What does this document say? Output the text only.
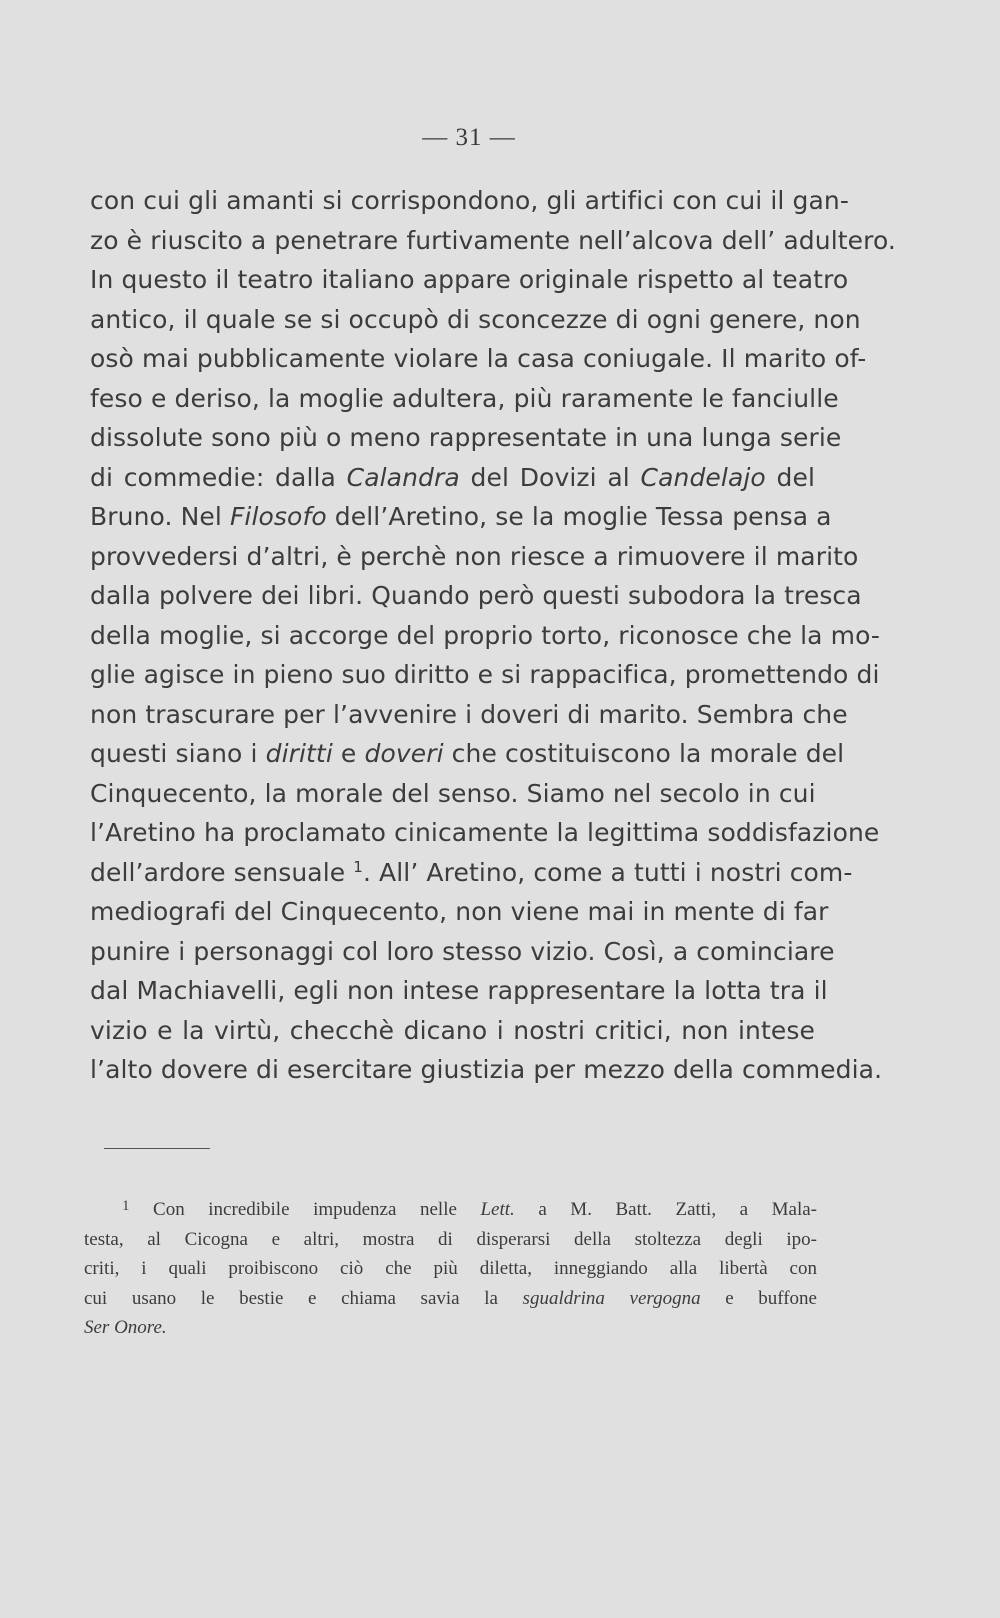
— 31 —
con cui gli amanti si corrispondono, gli artifici con cui il gan-
zo è riuscito a penetrare furtivamente nell’alcova dell’ adultero.
In questo il teatro italiano appare originale rispetto al teatro
antico, il quale se si occupò di sconcezze di ogni genere, non
osò mai pubblicamente violare la casa coniugale. Il marito of-
feso e deriso, la moglie adultera, più raramente le fanciulle
dissolute sono più o meno rappresentate in una lunga serie
di commedie: dalla Calandra del Dovizi al Candelajo del
Bruno. Nel Filosofo dell’Aretino, se la moglie Tessa pensa a
provvedersi d’altri, è perchè non riesce a rimuovere il marito
dalla polvere dei libri. Quando però questi subodora la tresca
della moglie, si accorge del proprio torto, riconosce che la mo-
glie agisce in pieno suo diritto e si rappacifica, promettendo di
non trascurare per l’avvenire i doveri di marito. Sembra che
questi siano i diritti e doveri che costituiscono la morale del
Cinquecento, la morale del senso. Siamo nel secolo in cui
l’Aretino ha proclamato cinicamente la legittima soddisfazione
dell’ardore sensuale $^1$. All’ Aretino, come a tutti i nostri com-
mediografi del Cinquecento, non viene mai in mente di far
punire i personaggi col loro stesso vizio. Così, a cominciare
dal Machiavelli, egli non intese rappresentare la lotta tra il
vizio e la virtù, checchè dicano i nostri critici, non intese
l’alto dovere di esercitare giustizia per mezzo della commedia.
$^1$ Con incredibile impudenza nelle Lett. a M. Batt. Zatti, a Mala-
testa, al Cicogna e altri, mostra di disperarsi della stoltezza degli ipo-
criti, i quali proibiscono ciò che più diletta, inneggiando alla libertà con
cui usano le bestie e chiama savia la sgualdrina vergogna e buffone
Ser Onore.
